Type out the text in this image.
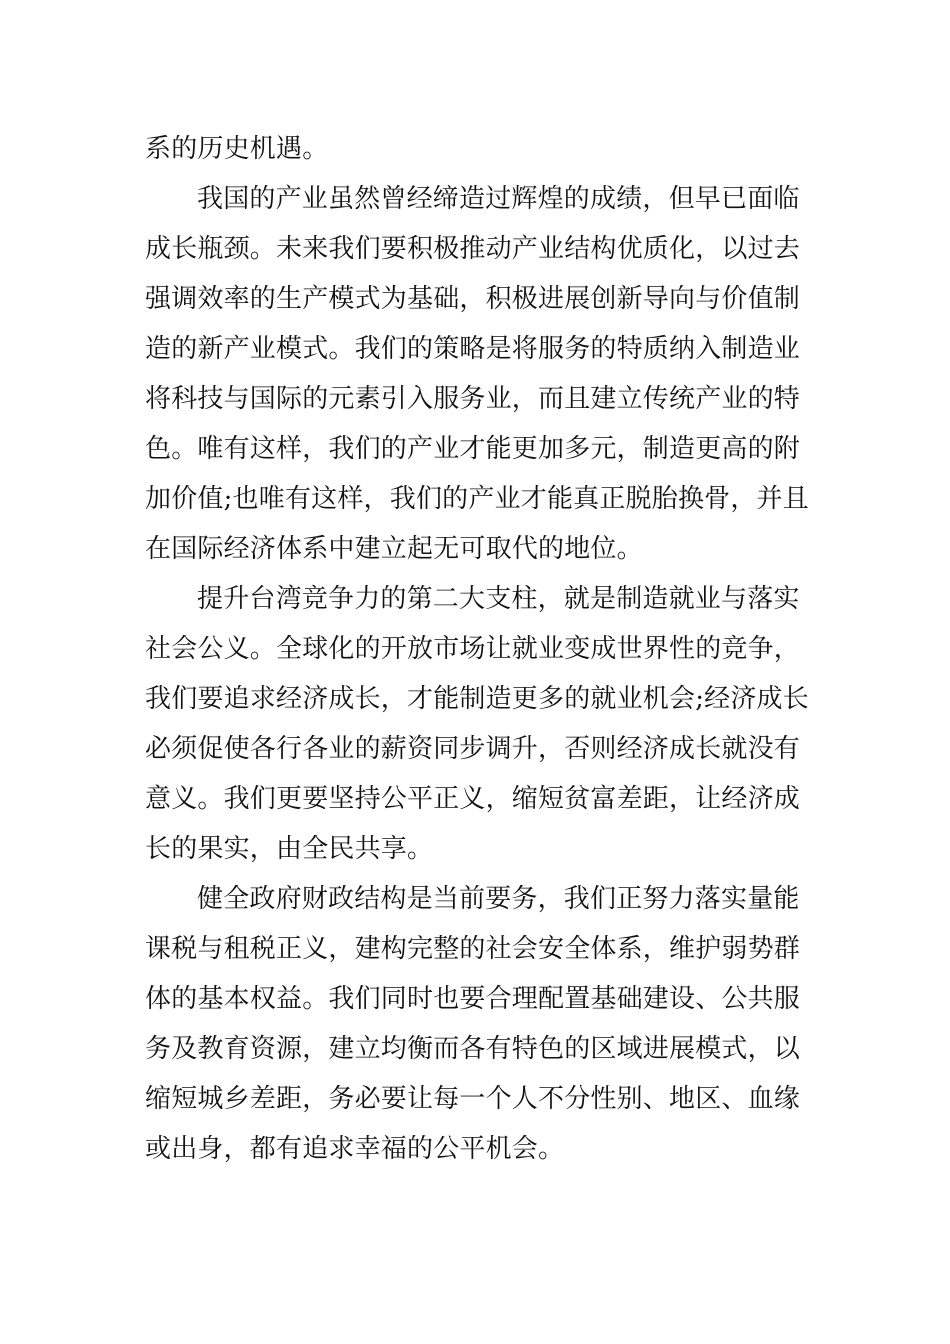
系的历史机遇。
我国的产业虽然曾经缔造过辉煌的成绩，但早已面临
成长瓶颈。未来我们要积极推动产业结构优质化，以过去
强调效率的生产模式为基础，积极进展创新导向与价值制
造的新产业模式。我们的策略是将服务的特质纳入制造业
将科技与国际的元素引入服务业，而且建立传统产业的特
色。唯有这样，我们的产业才能更加多元，制造更高的附
加价值;也唯有这样，我们的产业才能真正脱胎换骨，并且
在国际经济体系中建立起无可取代的地位。
提升台湾竞争力的第二大支柱，就是制造就业与落实
社会公义。全球化的开放市场让就业变成世界性的竞争，
我们要追求经济成长，才能制造更多的就业机会;经济成长
必须促使各行各业的薪资同步调升，否则经济成长就没有
意义。我们更要坚持公平正义，缩短贫富差距，让经济成
长的果实，由全民共享。
健全政府财政结构是当前要务，我们正努力落实量能
课税与租税正义，建构完整的社会安全体系，维护弱势群
体的基本权益。我们同时也要合理配置基础建设、公共服
务及教育资源，建立均衡而各有特色的区域进展模式，以
缩短城乡差距，务必要让每一个人不分性别、地区、血缘
或出身，都有追求幸福的公平机会。
